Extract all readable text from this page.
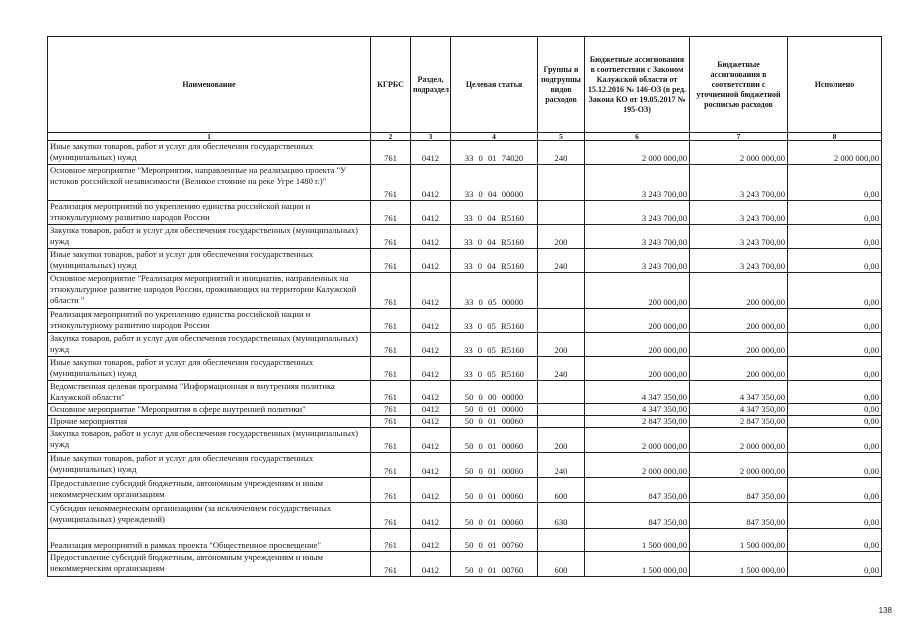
Наименование	КГРБС	Раздел, подраздел	Целевая статья	Группы и подгруппы видов расходов	Бюджетные ассигнования в соответствии с Законом Калужской области от 15.12.2016 № 146-ОЗ (в ред. Закона КО от 19.05.2017 № 195-ОЗ)	Бюджетные ассигнования в соответствии с уточненной бюджетной росписью расходов	Исполнено
1	2	3	4	5	6	7	8
Иные закупки товаров, работ и услуг для обеспечения государственных (муниципальных) нужд	761	0412	33 0 01 74020	240	2 000 000,00	2 000 000,00	2 000 000,00
Основное мероприятие "Мероприятия, направленные на реализацию проекта "У истоков российской независимости (Великое стояние на реке Угре 1480 г.)"	761	0412	33 0 04 00000		3 243 700,00	3 243 700,00	0,00
Реализация мероприятий по укреплению единства российской нации и этнокультурному развитию народов России	761	0412	33 0 04 R5160		3 243 700,00	3 243 700,00	0,00
Закупка товаров, работ и услуг для обеспечения государственных (муниципальных) нужд	761	0412	33 0 04 R5160	200	3 243 700,00	3 243 700,00	0,00
Иные закупки товаров, работ и услуг для обеспечения государственных (муниципальных) нужд	761	0412	33 0 04 R5160	240	3 243 700,00	3 243 700,00	0,00
Основное мероприятие "Реализация мероприятий и инициатив, направленных на этнокультурное развитие народов России, проживающих на территории Калужской области "	761	0412	33 0 05 00000		200 000,00	200 000,00	0,00
Реализация мероприятий по укреплению единства российской нации и этнокультурному развитию народов России	761	0412	33 0 05 R5160		200 000,00	200 000,00	0,00
Закупка товаров, работ и услуг для обеспечения государственных (муниципальных) нужд	761	0412	33 0 05 R5160	200	200 000,00	200 000,00	0,00
Иные закупки товаров, работ и услуг для обеспечения государственных (муниципальных) нужд	761	0412	33 0 05 R5160	240	200 000,00	200 000,00	0,00
Ведомственная целевая программа "Информационная и внутренняя политика Калужской области"	761	0412	50 0 00 00000		4 347 350,00	4 347 350,00	0,00
Основное мероприятие "Мероприятия в сфере внутренней политики"	761	0412	50 0 01 00000		4 347 350,00	4 347 350,00	0,00
Прочие мероприятия	761	0412	50 0 01 00060		2 847 350,00	2 847 350,00	0,00
Закупка товаров, работ и услуг для обеспечения государственных (муниципальных) нужд	761	0412	50 0 01 00060	200	2 000 000,00	2 000 000,00	0,00
Иные закупки товаров, работ и услуг для обеспечения государственных (муниципальных) нужд	761	0412	50 0 01 00060	240	2 000 000,00	2 000 000,00	0,00
Предоставление субсидий бюджетным, автономным учреждениям и иным некоммерческим организациям	761	0412	50 0 01 00060	600	847 350,00	847 350,00	0,00
Субсидии некоммерческим организациям (за исключением государственных (муниципальных) учреждений)	761	0412	50 0 01 00060	630	847 350,00	847 350,00	0,00
Реализация мероприятий в рамках проекта "Общественное просвещение"	761	0412	50 0 01 00760		1 500 000,00	1 500 000,00	0,00
Предоставление субсидий бюджетным, автономным учреждениям и иным некоммерческим организациям	761	0412	50 0 01 00760	600	1 500 000,00	1 500 000,00	0,00
138
